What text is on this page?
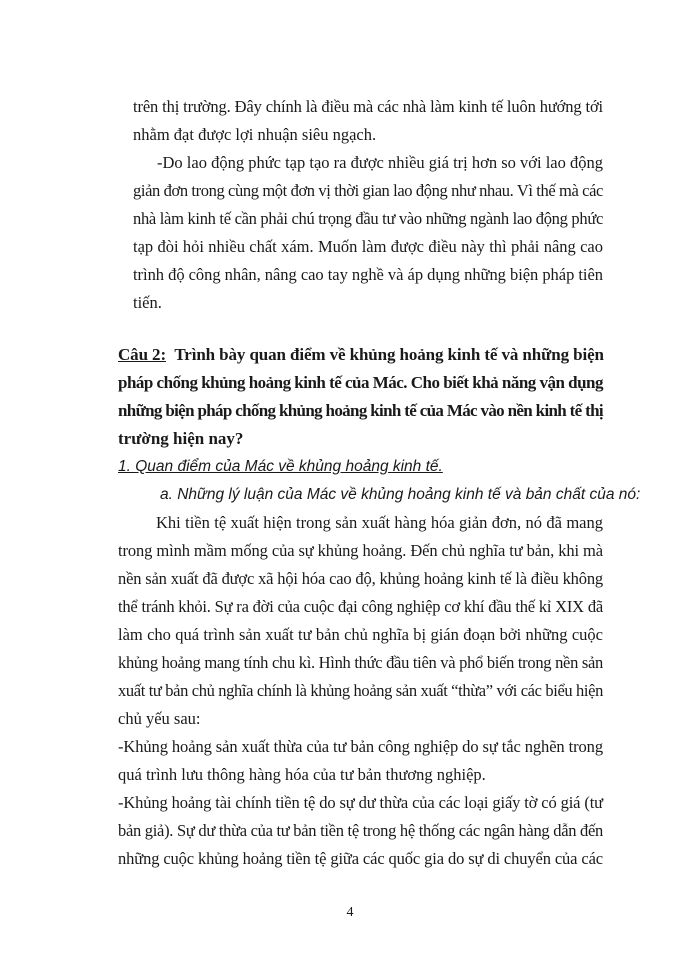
trên thị trường. Đây chính là điều mà các nhà làm kinh tế luôn hướng tới
nhằm đạt được lợi nhuận siêu ngạch.
-Do lao động phức tạp tạo ra được nhiều giá trị hơn so với lao động
giản đơn trong cùng một đơn vị thời gian lao động như nhau. Vì thế mà các
nhà làm kinh tế cần phải chú trọng đầu tư vào những ngành lao động phức
tạp đòi hỏi nhiều chất xám. Muốn làm được điều này thì phải nâng cao
trình độ công nhân, nâng cao tay nghề và áp dụng những biện pháp tiên
tiến.
Câu 2: Trình bày quan điểm về khủng hoảng kinh tế và những biện
pháp chống khủng hoảng kinh tế của Mác. Cho biết khả năng vận dụng
những biện pháp chống khủng hoảng kinh tế của Mác vào nền kinh tế thị
trường hiện nay?
1. Quan điểm của Mác về khủng hoảng kinh tế.
a. Những lý luận của Mác về khủng hoảng kinh tế và bản chất của nó:
Khi tiền tệ xuất hiện trong sản xuất hàng hóa giản đơn, nó đã mang
trong mình mầm mống của sự khủng hoảng. Đến chủ nghĩa tư bản, khi mà
nền sản xuất đã được xã hội hóa cao độ, khủng hoảng kinh tế là điều không
thể tránh khỏi. Sự ra đời của cuộc đại công nghiệp cơ khí đầu thế kỉ XIX đã
làm cho quá trình sản xuất tư bản chủ nghĩa bị gián đoạn bởi những cuộc
khủng hoảng mang tính chu kì. Hình thức đầu tiên và phổ biến trong nền sản
xuất tư bản chủ nghĩa chính là khủng hoảng sản xuất “thừa” với các biểu hiện
chủ yếu sau:
-Khủng hoảng sản xuất thừa của tư bản công nghiệp do sự tắc nghẽn trong
quá trình lưu thông hàng hóa của tư bản thương nghiệp.
-Khủng hoảng tài chính tiền tệ do sự dư thừa của các loại giấy tờ có giá (tư
bản giả). Sự dư thừa của tư bản tiền tệ trong hệ thống các ngân hàng dẫn đến
những cuộc khủng hoảng tiền tệ giữa các quốc gia do sự di chuyển của các
4
